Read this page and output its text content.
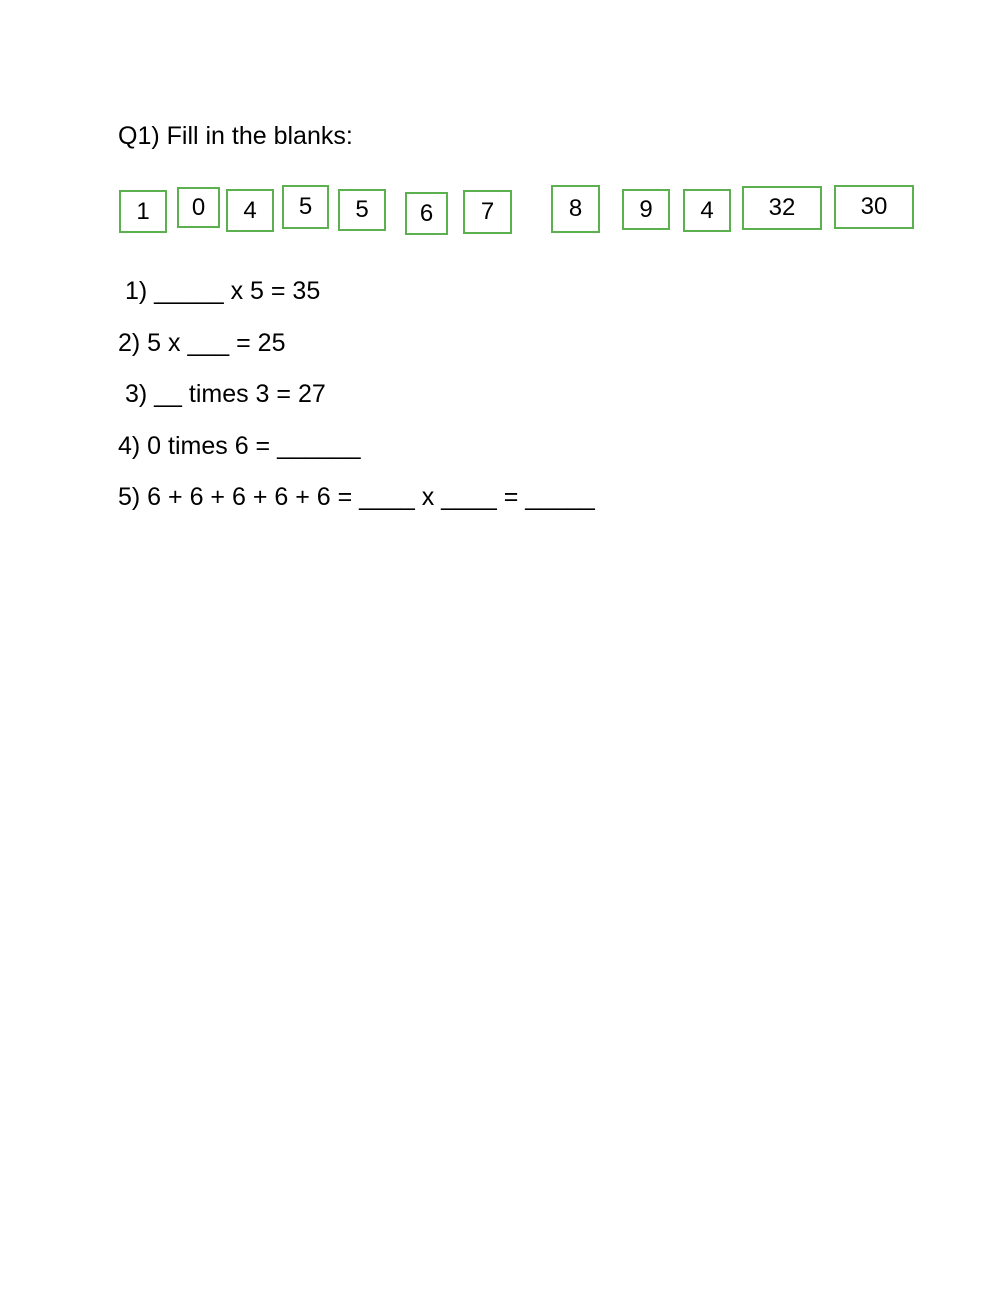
Q1) Fill in the blanks:
1	0	4	5	5	6	7	8	9	4	32	30
1) _____ x 5 = 35
2) 5 x ___ = 25
3) __ times 3 = 27
4) 0 times 6 = ______
5) 6 + 6 + 6 + 6 + 6 = ____ x ____ = _____
